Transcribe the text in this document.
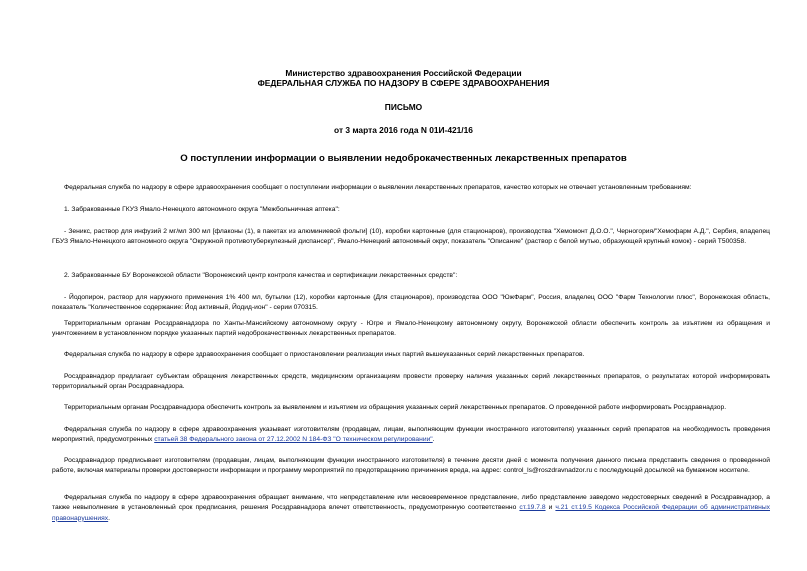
Министерство здравоохранения Российской Федерации
ФЕДЕРАЛЬНАЯ СЛУЖБА ПО НАДЗОРУ В СФЕРЕ ЗДРАВООХРАНЕНИЯ
ПИСЬМО
от 3 марта 2016 года N 01И-421/16
О поступлении информации о выявлении недоброкачественных лекарственных препаратов

Федеральная служба по надзору в сфере здравоохранения сообщает о поступлении информации о выявлении лекарственных препаратов, качество которых не отвечает установленным требованиям:

1. Забракованные ГКУЗ Ямало-Ненецкого автономного округа "Межбольничная аптека":

- Зеникс, раствор для инфузий 2 мг/мл 300 мл [флаконы (1), в пакетах из алюминиевой фольги] (10), коробки картонные (для стационаров), производства "Хемомонт Д.О.О.", Черногория/"Хемофарм А.Д.", Сербия, владелец ГБУЗ Ямало-Ненецкого автономного округа "Окружной противотуберкулезный диспансер", Ямало-Ненецкий автономный округ, показатель "Описание" (раствор с белой мутью, образующей крупный комок) - серий Т500358.

2. Забракованные БУ Воронежской области "Воронежский центр контроля качества и сертификации лекарственных средств":

- Йодопирон, раствор для наружного применения 1% 400 мл, бутылки (12), коробки картонные (Для стационаров), производства ООО "ЮжФарм", Россия, владелец ООО "Фарм Технологии плюс", Воронежская область, показатель "Количественное содержание: Йод активный, Йодид-ион" - серии 070315.

Территориальным органам Росздравнадзора по Ханты-Мансийскому автономному округу - Югре и Ямало-Ненецкому автономному округу, Воронежской области обеспечить контроль за изъятием из обращения и уничтожением в установленном порядке указанных партий недоброкачественных лекарственных препаратов.

Федеральная служба по надзору в сфере здравоохранения сообщает о приостановлении реализации иных партий вышеуказанных серий лекарственных препаратов.

Росздравнадзор предлагает субъектам обращения лекарственных средств, медицинским организациям провести проверку наличия указанных серий лекарственных препаратов, о результатах которой информировать территориальный орган Росздравнадзора.

Территориальным органам Росздравнадзора обеспечить контроль за выявлением и изъятием из обращения указанных серий лекарственных препаратов. О проведенной работе информировать Росздравнадзор.

Федеральная служба по надзору в сфере здравоохранения указывает изготовителям (продавцам, лицам, выполняющим функции иностранного изготовителя) указанных серий препаратов на необходимость проведения мероприятий, предусмотренных статьей 38 Федерального закона от 27.12.2002 N 184-ФЗ "О техническом регулировании".

Росздравнадзор предписывает изготовителям (продавцам, лицам, выполняющим функции иностранного изготовителя) в течение десяти дней с момента получения данного письма представить сведения о проведенной работе, включая материалы проверки достоверности информации и программу мероприятий по предотвращению причинения вреда, на адрес: control_ls@roszdravnadzor.ru с последующей досылкой на бумажном носителе.

Федеральная служба по надзору в сфере здравоохранения обращает внимание, что непредставление или несвоевременное представление, либо представление заведомо недостоверных сведений в Росздравнадзор, а также невыполнение в установленный срок предписания, решения Росздравнадзора влечет ответственность, предусмотренную соответственно ст.19.7.8 и ч.21 ст.19.5 Кодекса Российской Федерации об административных правонарушениях.
